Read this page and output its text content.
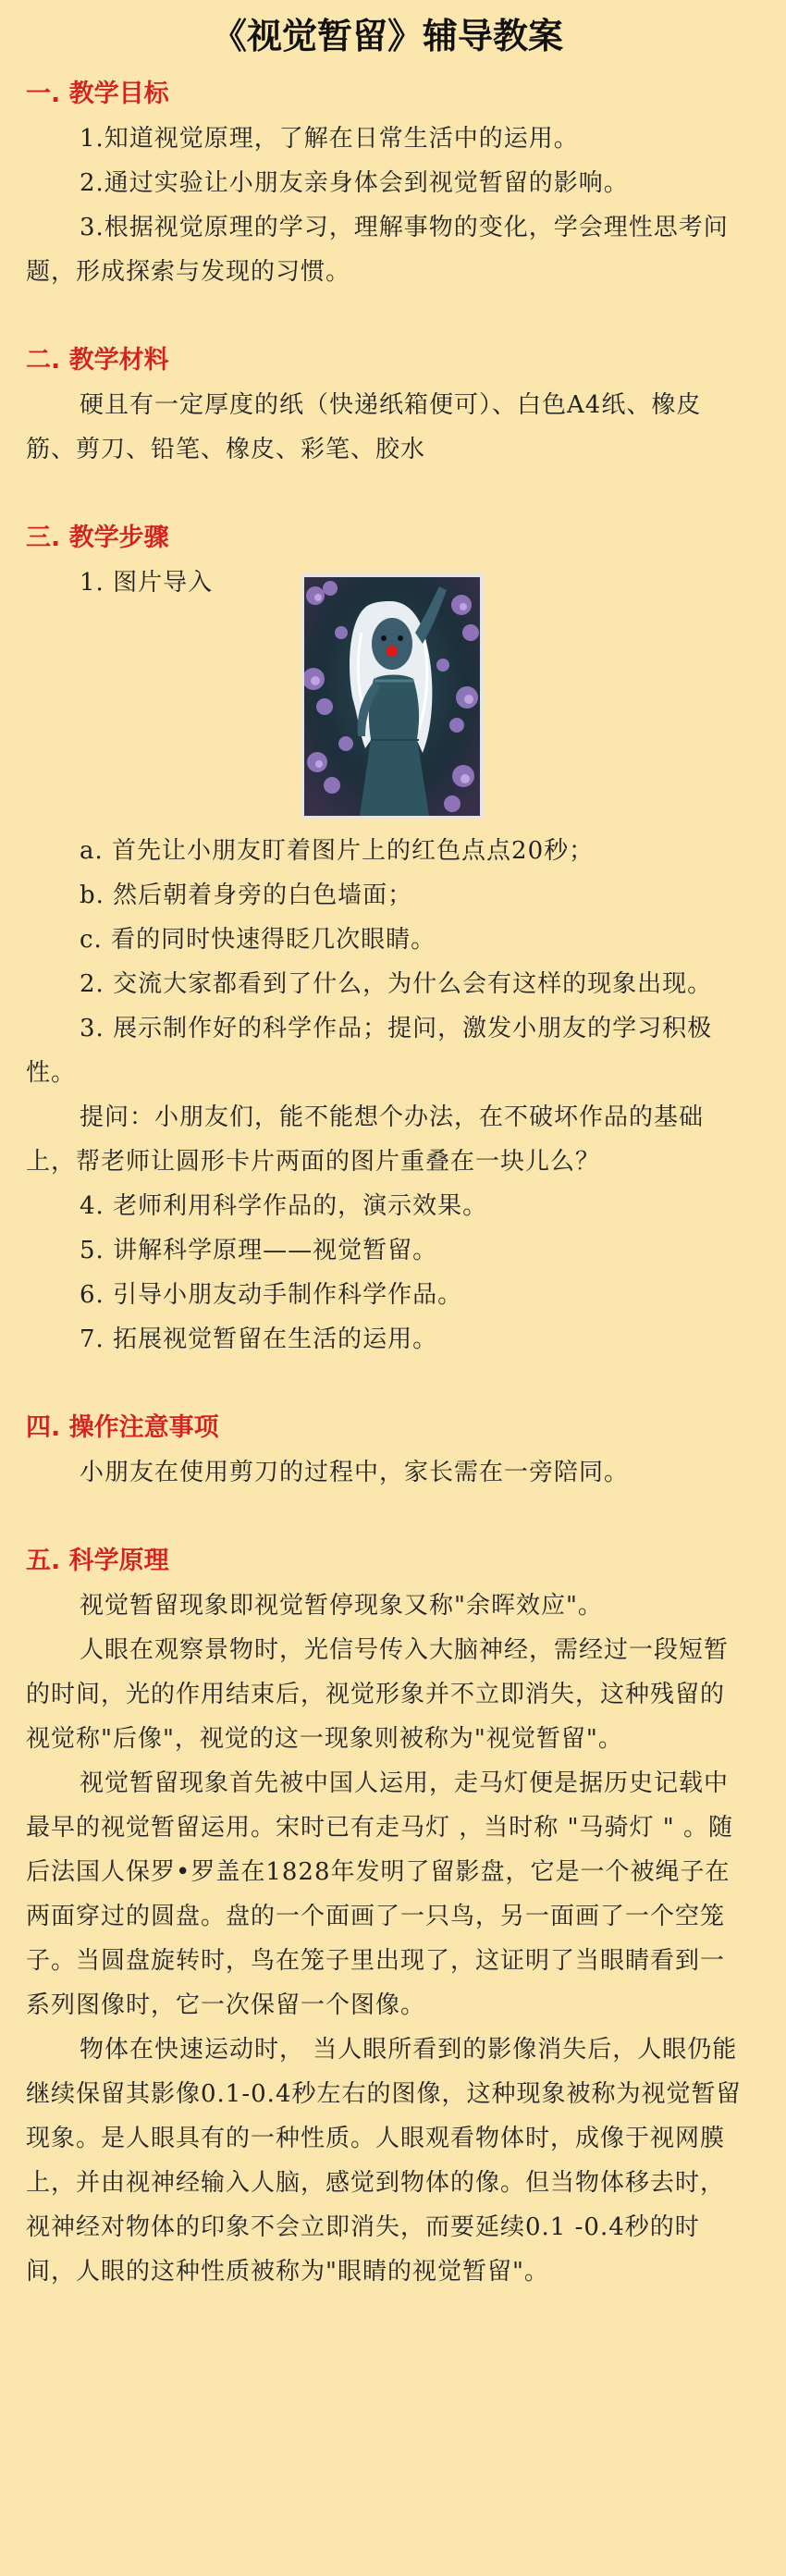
《视觉暂留》辅导教案
一. 教学目标

1.知道视觉原理，了解在日常生活中的运用。

2.通过实验让小朋友亲身体会到视觉暂留的影响。

3.根据视觉原理的学习，理解事物的变化，学会理性思考问题，形成探索与发现的习惯。

二. 教学材料

硬且有一定厚度的纸（快递纸箱便可）、白色A4纸、橡皮筋、剪刀、铅笔、橡皮、彩笔、胶水

三. 教学步骤

1. 图片导入

a. 首先让小朋友盯着图片上的红色点点20秒；

b. 然后朝着身旁的白色墙面；

c. 看的同时快速得眨几次眼睛。

2. 交流大家都看到了什么，为什么会有这样的现象出现。

3. 展示制作好的科学作品；提问，激发小朋友的学习积极性。

提问：小朋友们，能不能想个办法，在不破坏作品的基础上，帮老师让圆形卡片两面的图片重叠在一块儿么？

4. 老师利用科学作品的，演示效果。

5. 讲解科学原理——视觉暂留。

6. 引导小朋友动手制作科学作品。

7. 拓展视觉暂留在生活的运用。

四. 操作注意事项

小朋友在使用剪刀的过程中，家长需在一旁陪同。

五. 科学原理

视觉暂留现象即视觉暂停现象又称"余晖效应"。

人眼在观察景物时，光信号传入大脑神经，需经过一段短暂的时间，光的作用结束后，视觉形象并不立即消失，这种残留的视觉称"后像"，视觉的这一现象则被称为"视觉暂留"。

视觉暂留现象首先被中国人运用，走马灯便是据历史记载中最早的视觉暂留运用。宋时已有走马灯 ，当时称 "马骑灯 " 。随后法国人保罗•罗盖在1828年发明了留影盘，它是一个被绳子在两面穿过的圆盘。盘的一个面画了一只鸟，另一面画了一个空笼子。当圆盘旋转时，鸟在笼子里出现了，这证明了当眼睛看到一系列图像时，它一次保留一个图像。

物体在快速运动时， 当人眼所看到的影像消失后，人眼仍能继续保留其影像0.1-0.4秒左右的图像，这种现象被称为视觉暂留现象。是人眼具有的一种性质。人眼观看物体时，成像于视网膜上，并由视神经输入人脑，感觉到物体的像。但当物体移去时，视神经对物体的印象不会立即消失，而要延续0.1 -0.4秒的时间，人眼的这种性质被称为"眼睛的视觉暂留"。
